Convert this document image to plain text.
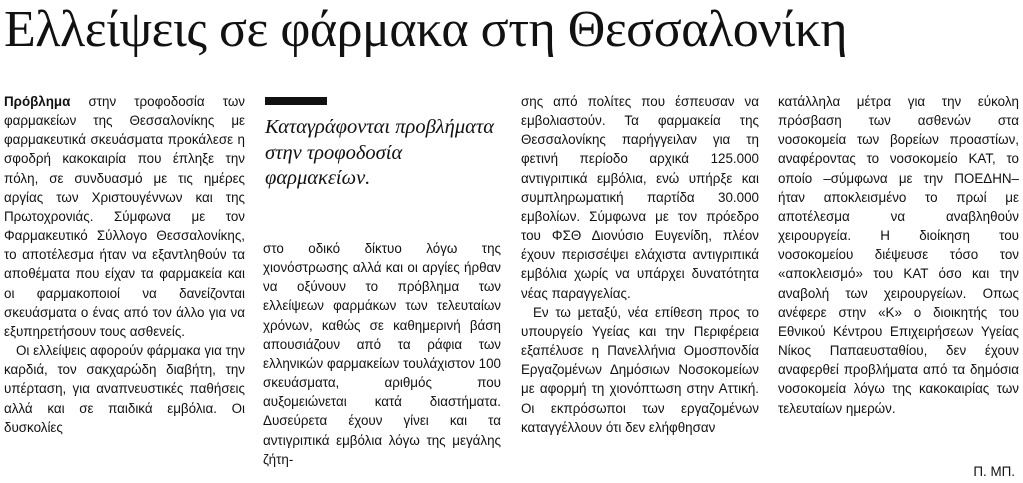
Ελλείψεις σε φάρμακα στη Θεσσαλονίκη

Πρόβλημα στην τροφοδοσία των φαρμακείων της Θεσσαλονίκης με φαρμακευτικά σκευάσματα προκάλεσε η σφοδρή κακοκαιρία που έπληξε την πόλη, σε συνδυασμό με τις ημέρες αργίας των Χριστουγέννων και της Πρωτοχρονιάς. Σύμφωνα με τον Φαρμακευτικό Σύλλογο Θεσσαλονίκης, το αποτέλεσμα ήταν να εξαντληθούν τα αποθέματα που είχαν τα φαρμακεία και οι φαρμακοποιοί να δανείζονται σκευάσματα ο ένας από τον άλλο για να εξυπηρετήσουν τους ασθενείς.

Οι ελλείψεις αφορούν φάρμακα για την καρδιά, τον σακχαρώδη διαβήτη, την υπέρταση, για αναπνευστικές παθήσεις αλλά και σε παιδικά εμβόλια. Οι δυσκολίες

Καταγράφονται προβλήματα στην τροφοδοσία φαρμακείων.

στο οδικό δίκτυο λόγω της χιονόστρωσης αλλά και οι αργίες ήρθαν να οξύνουν το πρόβλημα των ελλείψεων φαρμάκων των τελευταίων χρόνων, καθώς σε καθημερινή βάση απουσιάζουν από τα ράφια των ελληνικών φαρμακείων τουλάχιστον 100 σκευάσματα, αριθμός που αυξομειώνεται κατά διαστήματα. Δυσεύρετα έχουν γίνει και τα αντιγριπικά εμβόλια λόγω της μεγάλης ζήτη-

σης από πολίτες που έσπευσαν να εμβολιαστούν. Τα φαρμακεία της Θεσσαλονίκης παρήγγειλαν για τη φετινή περίοδο αρχικά 125.000 αντιγριπικά εμβόλια, ενώ υπήρξε και συμπληρωματική παρτίδα 30.000 εμβολίων. Σύμφωνα με τον πρόεδρο του ΦΣΘ Διονύσιο Ευγενίδη, πλέον έχουν περισσέψει ελάχιστα αντιγριπικά εμβόλια χωρίς να υπάρχει δυνατότητα νέας παραγγελίας.

Εν τω μεταξύ, νέα επίθεση προς το υπουργείο Υγείας και την Περιφέρεια εξαπέλυσε η Πανελλήνια Ομοσπονδία Εργαζομένων Δημόσιων Νοσοκομείων με αφορμή τη χιονόπτωση στην Αττική. Οι εκπρόσωποι των εργαζομένων καταγγέλλουν ότι δεν ελήφθησαν

κατάλληλα μέτρα για την εύκολη πρόσβαση των ασθενών στα νοσοκομεία των βορείων προαστίων, αναφέροντας το νοσοκομείο ΚΑΤ, το οποίο –σύμφωνα με την ΠΟΕΔΗΝ– ήταν αποκλεισμένο το πρωί με αποτέλεσμα να αναβληθούν χειρουργεία. Η διοίκηση του νοσοκομείου διέψευσε τόσο τον «αποκλεισμό» του ΚΑΤ όσο και την αναβολή των χειρουργείων. Οπως ανέφερε στην «Κ» ο διοικητής του Εθνικού Κέντρου Επιχειρήσεων Υγείας Νίκος Παπαευσταθίου, δεν έχουν αναφερθεί προβλήματα από τα δημόσια νοσοκομεία λόγω της κακοκαιρίας των τελευταίων ημερών.

Π. ΜΠ.
